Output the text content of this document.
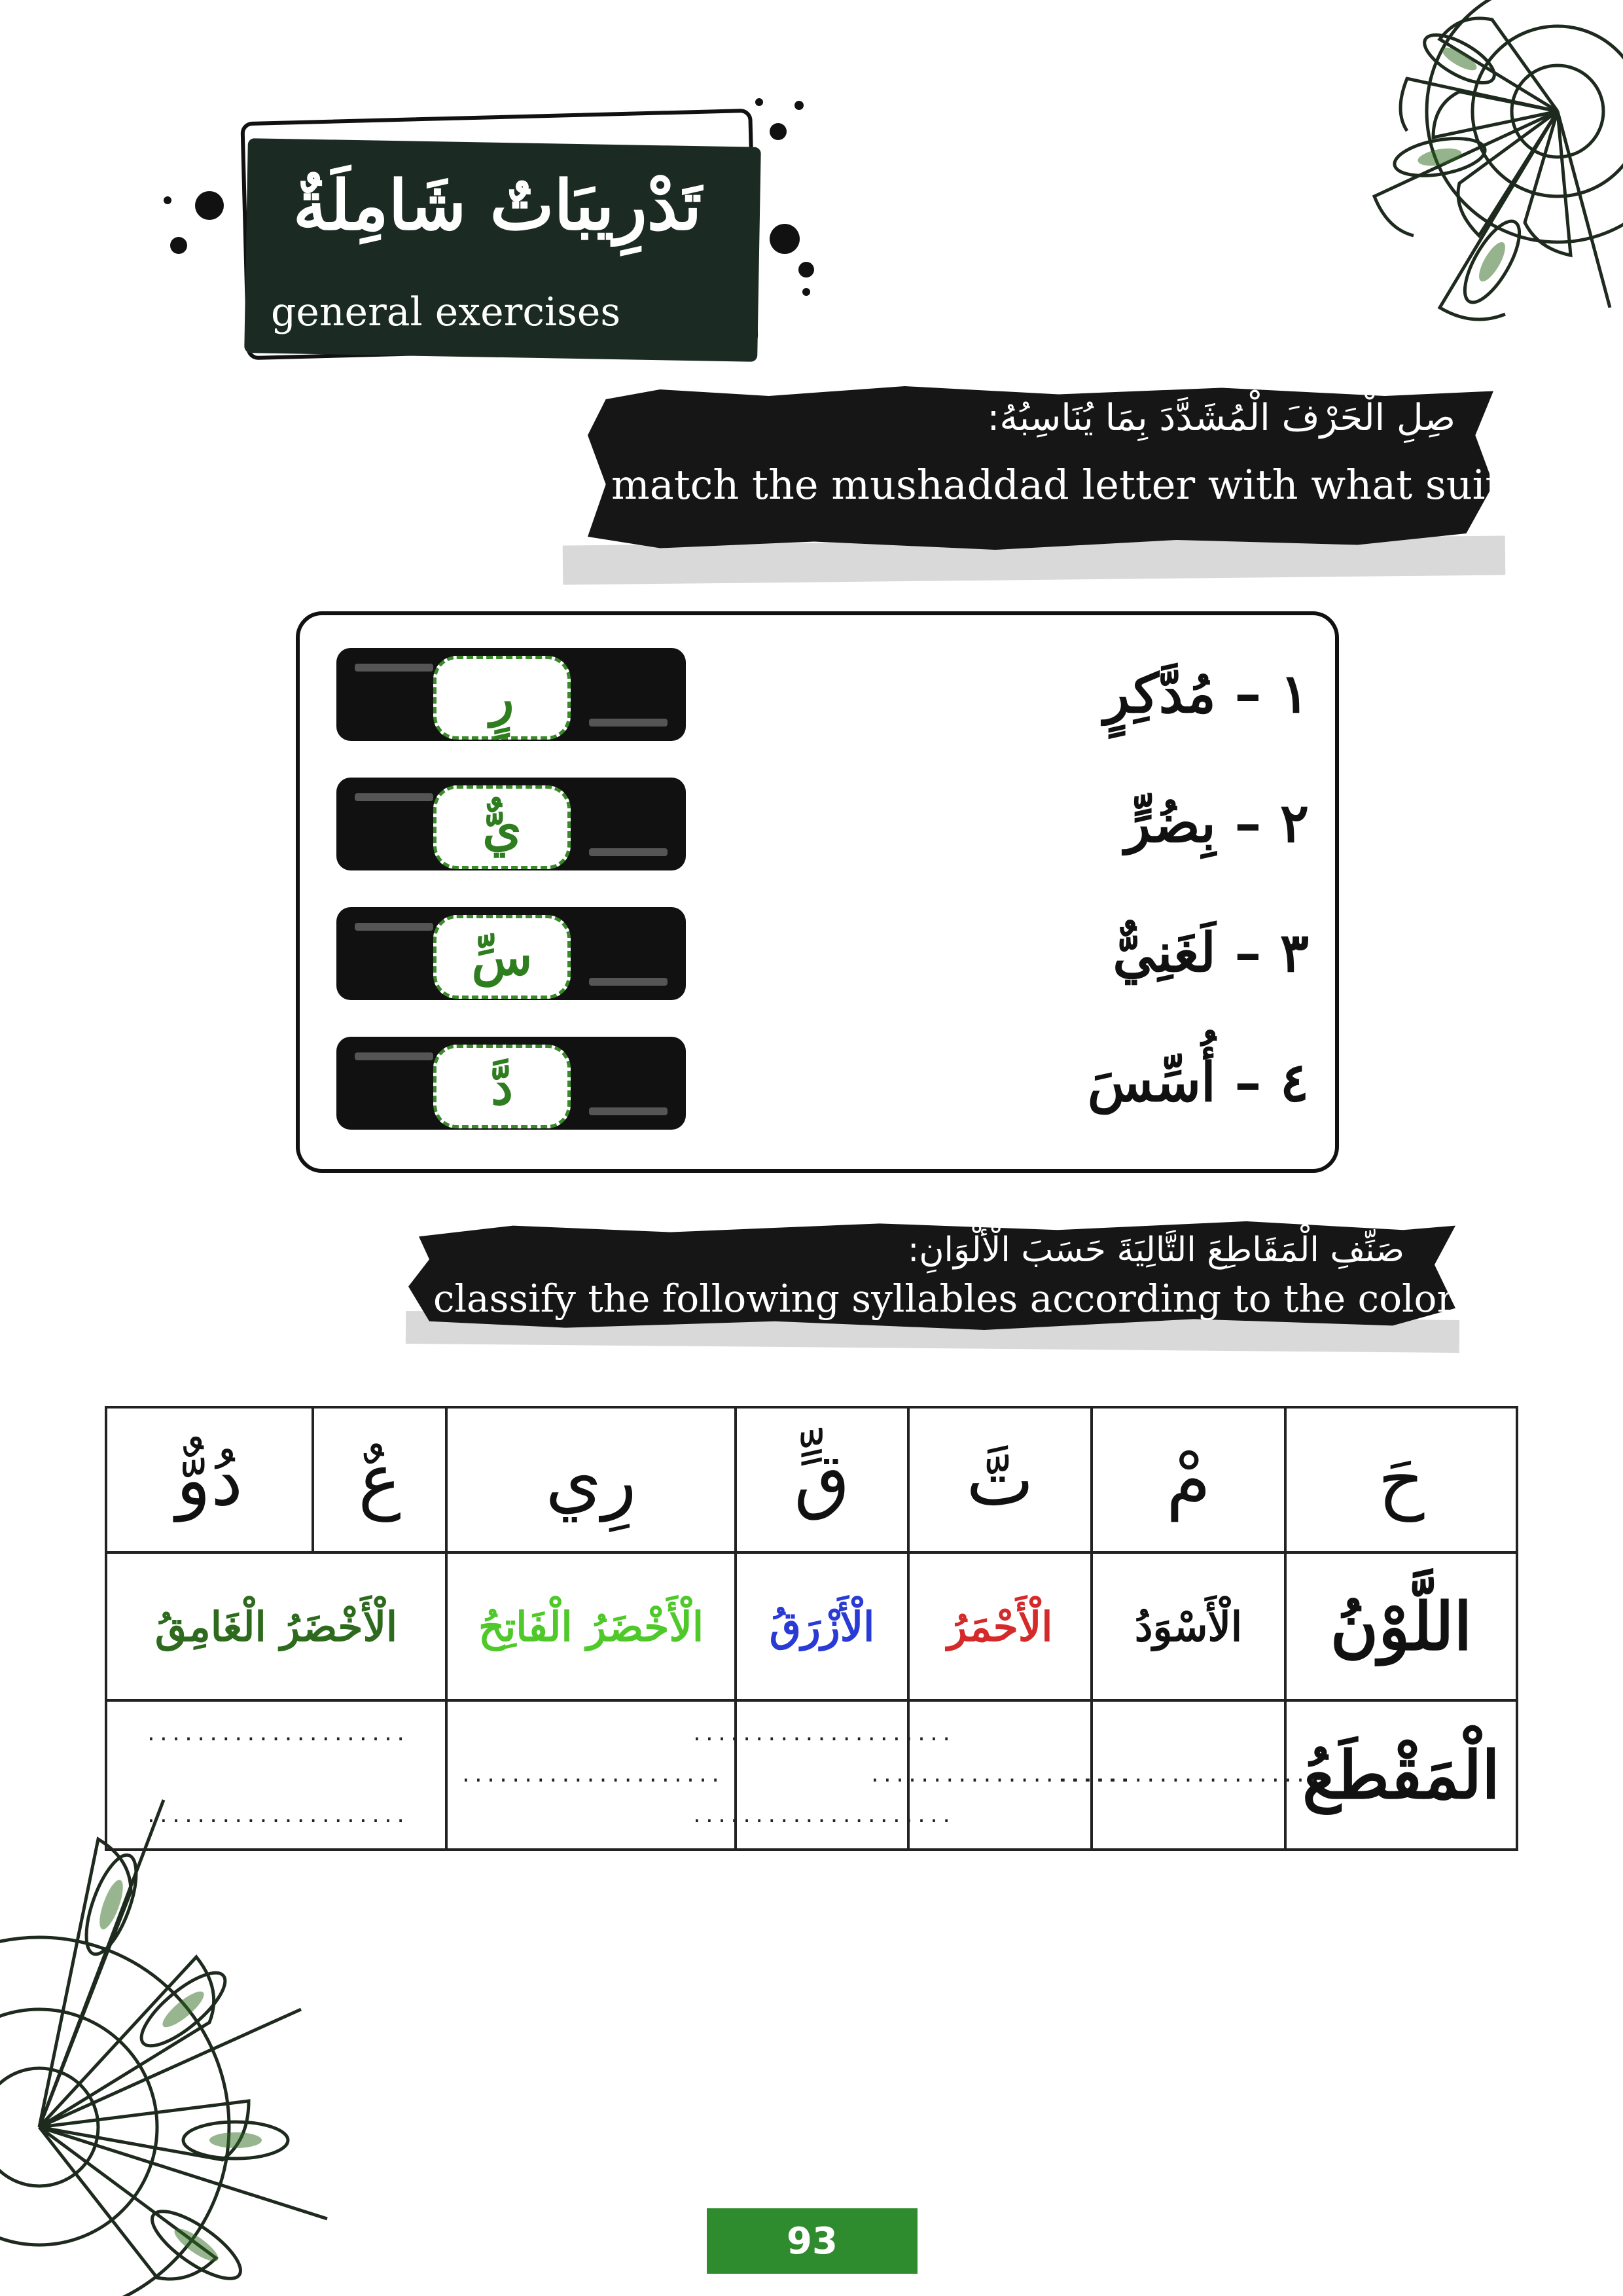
تَدْرِيبَاتٌ شَامِلَةٌ
general exercises
صِلِ الْحَرْفَ الْمُشَدَّدَ بِمَا يُنَاسِبُهُ:
match the mushaddad letter with what suits it:
رٍ
يٌّ
سِّ
دَّ
١ – مُدَّكِرٍ
٢ – بِضُرٍّ
٣ – لَغَنِيٌّ
٤ – أُسِّسَ
صَنِّفِ الْمَقَاطِعَ التَّالِيَةَ حَسَبَ الْأَلْوَانِ:
classify the following syllables according to the colors
حَ
مْ
تَّ
قٍّ
رِي
عٌ
دُوٌّ
اللَّوْنُ
الْأَسْوَدُ
الْأَحْمَرُ
الْأَزْرَقُ
الْأَخْضَرُ الْفَاتِحُ
الْأَخْضَرُ الْغَامِقُ
الْمَقْطَعُ
.....................
.....................
.....................
.....................
.....................
.....................
.....................
93
